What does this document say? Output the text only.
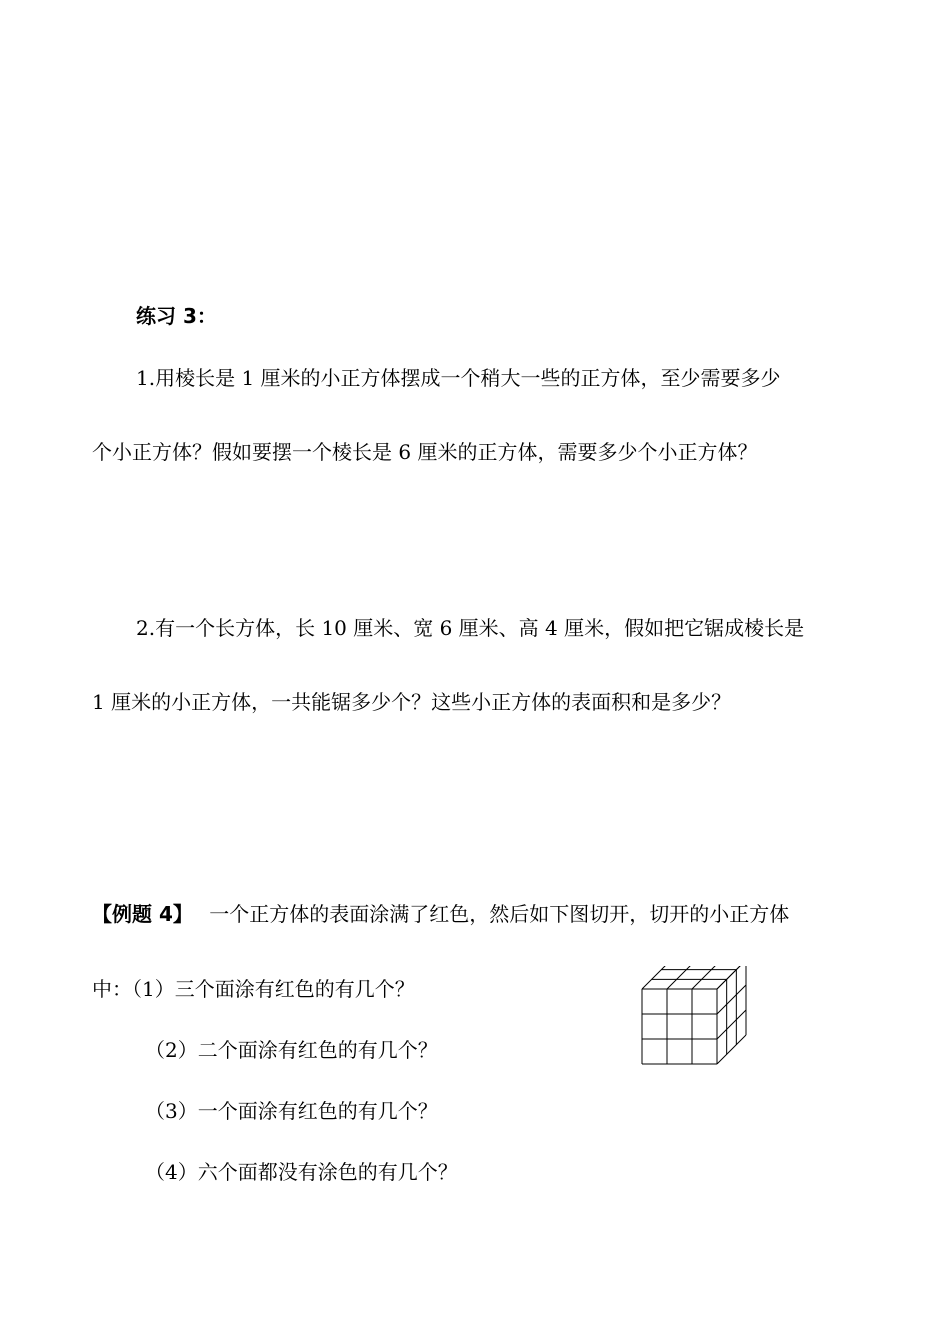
练习 3：
1.用棱长是 1 厘米的小正方体摆成一个稍大一些的正方体，至少需要多少
个小正方体？假如要摆一个棱长是 6 厘米的正方体，需要多少个小正方体？
2.有一个长方体，长 10 厘米、宽 6 厘米、高 4 厘米，假如把它锯成棱长是
1 厘米的小正方体，一共能锯多少个？这些小正方体的表面积和是多少？
【例题 4】 一个正方体的表面涂满了红色，然后如下图切开，切开的小正方体
中：（1）三个面涂有红色的有几个？
（2）二个面涂有红色的有几个？
（3）一个面涂有红色的有几个？
（4）六个面都没有涂色的有几个？
